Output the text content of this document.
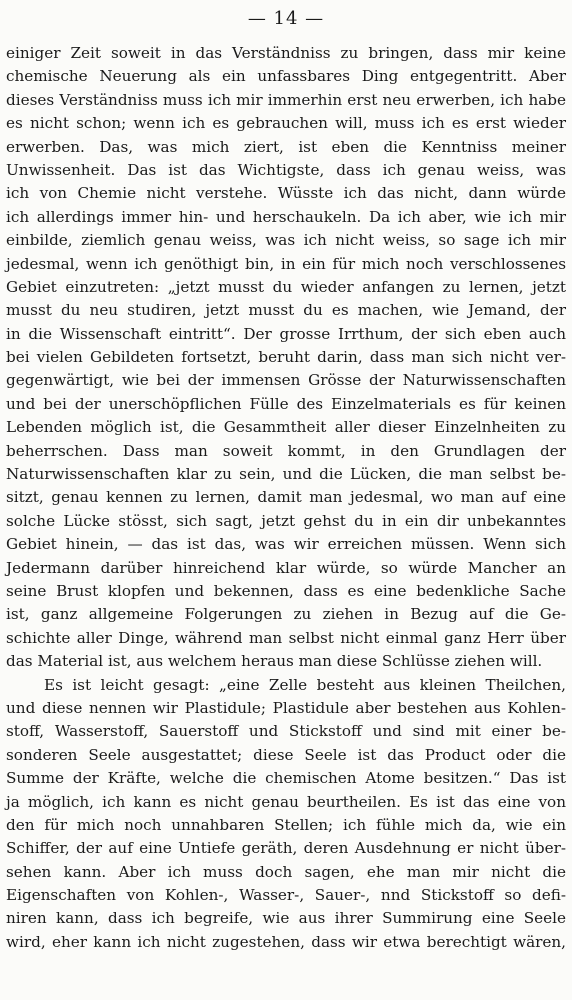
— 14 —
einiger Zeit soweit in das Verständniss zu bringen, dass mir keine
chemische Neuerung als ein unfassbares Ding entgegentritt. Aber
dieses Verständniss muss ich mir immerhin erst neu erwerben, ich habe
es nicht schon; wenn ich es gebrauchen will, muss ich es erst wieder
erwerben. Das, was mich ziert, ist eben die Kenntniss meiner
Unwissenheit. Das ist das Wichtigste, dass ich genau weiss, was
ich von Chemie nicht verstehe. Wüsste ich das nicht, dann würde
ich allerdings immer hin- und herschaukeln. Da ich aber, wie ich mir
einbilde, ziemlich genau weiss, was ich nicht weiss, so sage ich mir
jedesmal, wenn ich genöthigt bin, in ein für mich noch verschlossenes
Gebiet einzutreten: „jetzt musst du wieder anfangen zu lernen, jetzt
musst du neu studiren, jetzt musst du es machen, wie Jemand, der
in die Wissenschaft eintritt“. Der grosse Irrthum, der sich eben auch
bei vielen Gebildeten fortsetzt, beruht darin, dass man sich nicht ver-
gegenwärtigt, wie bei der immensen Grösse der Naturwissenschaften
und bei der unerschöpflichen Fülle des Einzelmaterials es für keinen
Lebenden möglich ist, die Gesammtheit aller dieser Einzelnheiten zu
beherrschen. Dass man soweit kommt, in den Grundlagen der
Naturwissenschaften klar zu sein, und die Lücken, die man selbst be-
sitzt, genau kennen zu lernen, damit man jedesmal, wo man auf eine
solche Lücke stösst, sich sagt, jetzt gehst du in ein dir unbekanntes
Gebiet hinein, — das ist das, was wir erreichen müssen. Wenn sich
Jedermann darüber hinreichend klar würde, so würde Mancher an
seine Brust klopfen und bekennen, dass es eine bedenkliche Sache
ist, ganz allgemeine Folgerungen zu ziehen in Bezug auf die Ge-
schichte aller Dinge, während man selbst nicht einmal ganz Herr über
das Material ist, aus welchem heraus man diese Schlüsse ziehen will.
Es ist leicht gesagt: „eine Zelle besteht aus kleinen Theilchen,
und diese nennen wir Plastidule; Plastidule aber bestehen aus Kohlen-
stoff, Wasserstoff, Sauerstoff und Stickstoff und sind mit einer be-
sonderen Seele ausgestattet; diese Seele ist das Product oder die
Summe der Kräfte, welche die chemischen Atome besitzen.“ Das ist
ja möglich, ich kann es nicht genau beurtheilen. Es ist das eine von
den für mich noch unnahbaren Stellen; ich fühle mich da, wie ein
Schiffer, der auf eine Untiefe geräth, deren Ausdehnung er nicht über-
sehen kann. Aber ich muss doch sagen, ehe man mir nicht die
Eigenschaften von Kohlen-, Wasser-, Sauer-, nnd Stickstoff so defi-
niren kann, dass ich begreife, wie aus ihrer Summirung eine Seele
wird, eher kann ich nicht zugestehen, dass wir etwa berechtigt wären,
